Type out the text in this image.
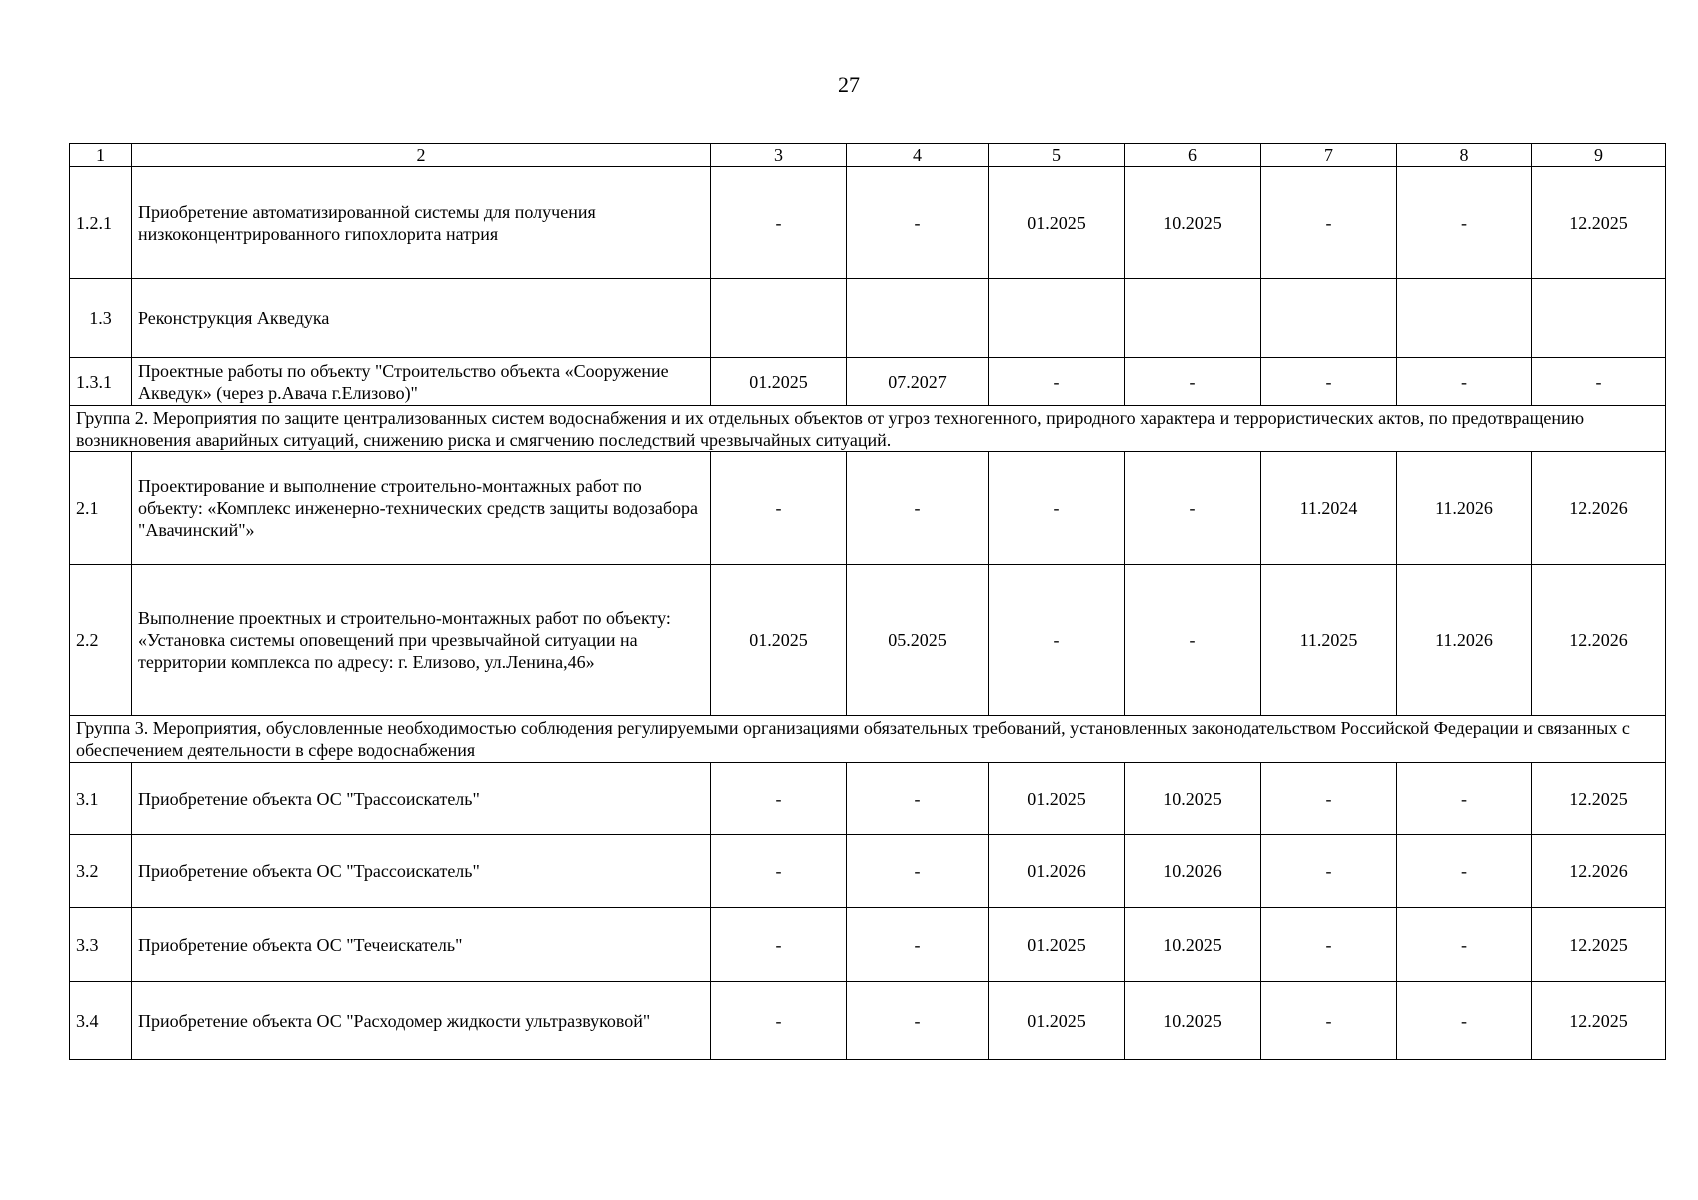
27
1	2	3	4	5	6	7	8	9
1.2.1	Приобретение автоматизированной системы для получения низкоконцентрированного гипохлорита натрия	-	-	01.2025	10.2025	-	-	12.2025
1.3	Реконструкция Акведука							
1.3.1	Проектные работы по объекту "Строительство объекта «Сооружение Акведук» (через р.Авача г.Елизово)"	01.2025	07.2027	-	-	-	-	-
Группа 2. Мероприятия по защите централизованных систем водоснабжения и их отдельных объектов от угроз техногенного, природного характера и террористических актов, по предотвращению возникновения аварийных ситуаций, снижению риска и смягчению последствий чрезвычайных ситуаций.								
2.1	Проектирование и выполнение строительно-монтажных работ по объекту: «Комплекс инженерно-технических средств защиты водозабора "Авачинский"»	-	-	-	-	11.2024	11.2026	12.2026
2.2	Выполнение проектных и строительно-монтажных работ по объекту: «Установка системы оповещений при чрезвычайной ситуации на территории комплекса по адресу: г. Елизово, ул.Ленина,46»	01.2025	05.2025	-	-	11.2025	11.2026	12.2026
Группа 3. Мероприятия, обусловленные необходимостью соблюдения регулируемыми организациями обязательных требований, установленных законодательством Российской Федерации и связанных с обеспечением деятельности в сфере водоснабжения								
3.1	Приобретение объекта ОС "Трассоискатель"	-	-	01.2025	10.2025	-	-	12.2025
3.2	Приобретение объекта ОС "Трассоискатель"	-	-	01.2026	10.2026	-	-	12.2026
3.3	Приобретение объекта ОС "Течеискатель"	-	-	01.2025	10.2025	-	-	12.2025
3.4	Приобретение объекта ОС "Расходомер жидкости ультразвуковой"	-	-	01.2025	10.2025	-	-	12.2025
